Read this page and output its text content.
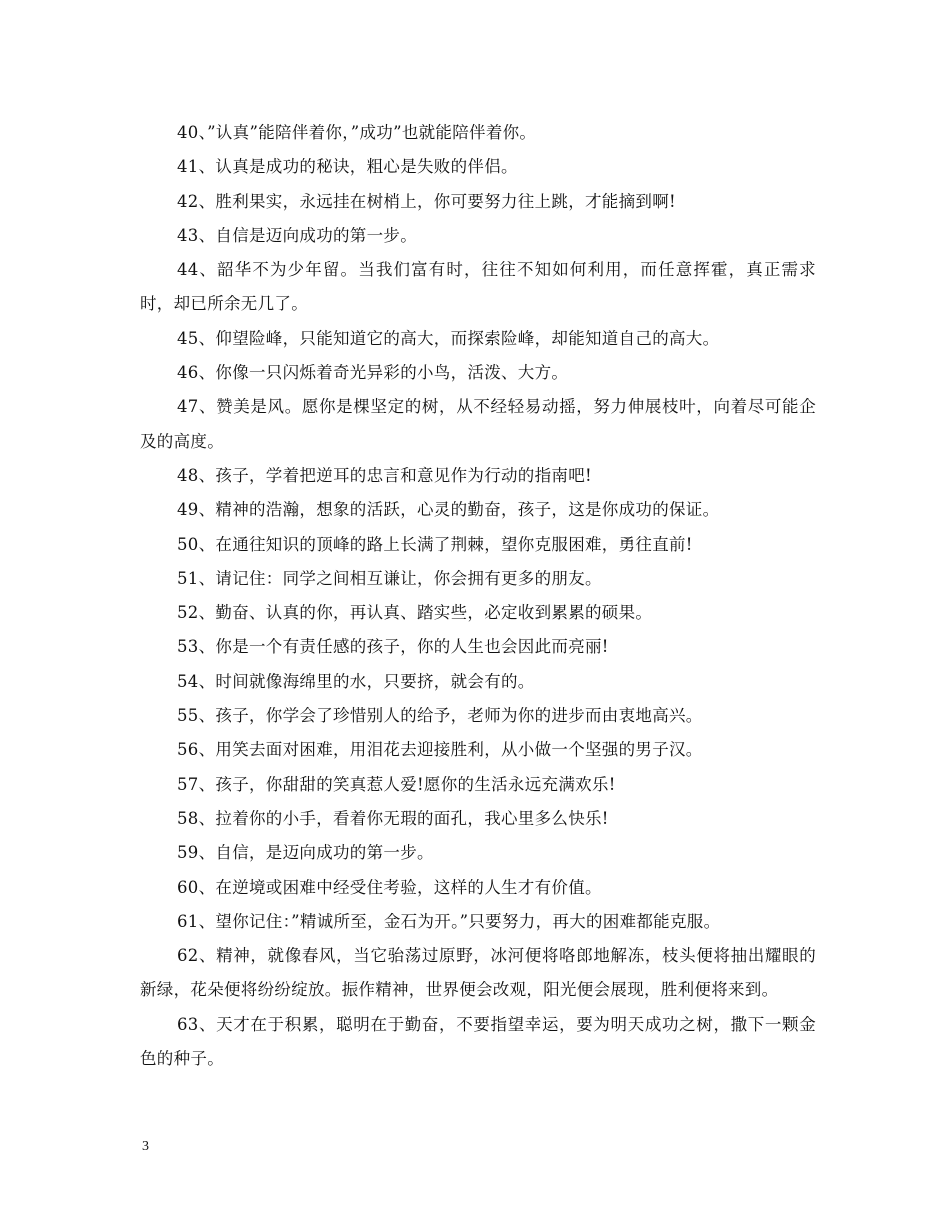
40、”认真”能陪伴着你，”成功”也就能陪伴着你。

41、认真是成功的秘诀，粗心是失败的伴侣。

42、胜利果实，永远挂在树梢上，你可要努力往上跳，才能摘到啊!

43、自信是迈向成功的第一步。

44、韶华不为少年留。当我们富有时，往往不知如何利用，而任意挥霍，真正需求时，却已所余无几了。

45、仰望险峰，只能知道它的高大，而探索险峰，却能知道自己的高大。

46、你像一只闪烁着奇光异彩的小鸟，活泼、大方。

47、赞美是风。愿你是棵坚定的树，从不经轻易动摇，努力伸展枝叶，向着尽可能企及的高度。

48、孩子，学着把逆耳的忠言和意见作为行动的指南吧!

49、精神的浩瀚，想象的活跃，心灵的勤奋，孩子，这是你成功的保证。

50、在通往知识的顶峰的路上长满了荆棘，望你克服困难，勇往直前!

51、请记住：同学之间相互谦让，你会拥有更多的朋友。

52、勤奋、认真的你，再认真、踏实些，必定收到累累的硕果。

53、你是一个有责任感的孩子，你的人生也会因此而亮丽!

54、时间就像海绵里的水，只要挤，就会有的。

55、孩子，你学会了珍惜别人的给予，老师为你的进步而由衷地高兴。

56、用笑去面对困难，用泪花去迎接胜利，从小做一个坚强的男子汉。

57、孩子，你甜甜的笑真惹人爱!愿你的生活永远充满欢乐!

58、拉着你的小手，看着你无瑕的面孔，我心里多么快乐!

59、自信，是迈向成功的第一步。

60、在逆境或困难中经受住考验，这样的人生才有价值。

61、望你记住：”精诚所至，金石为开。”只要努力，再大的困难都能克服。

62、精神，就像春风，当它骀荡过原野，冰河便将咯郎地解冻，枝头便将抽出耀眼的新绿，花朵便将纷纷绽放。振作精神，世界便会改观，阳光便会展现，胜利便将来到。

63、天才在于积累，聪明在于勤奋，不要指望幸运，要为明天成功之树，撒下一颗金色的种子。

3
